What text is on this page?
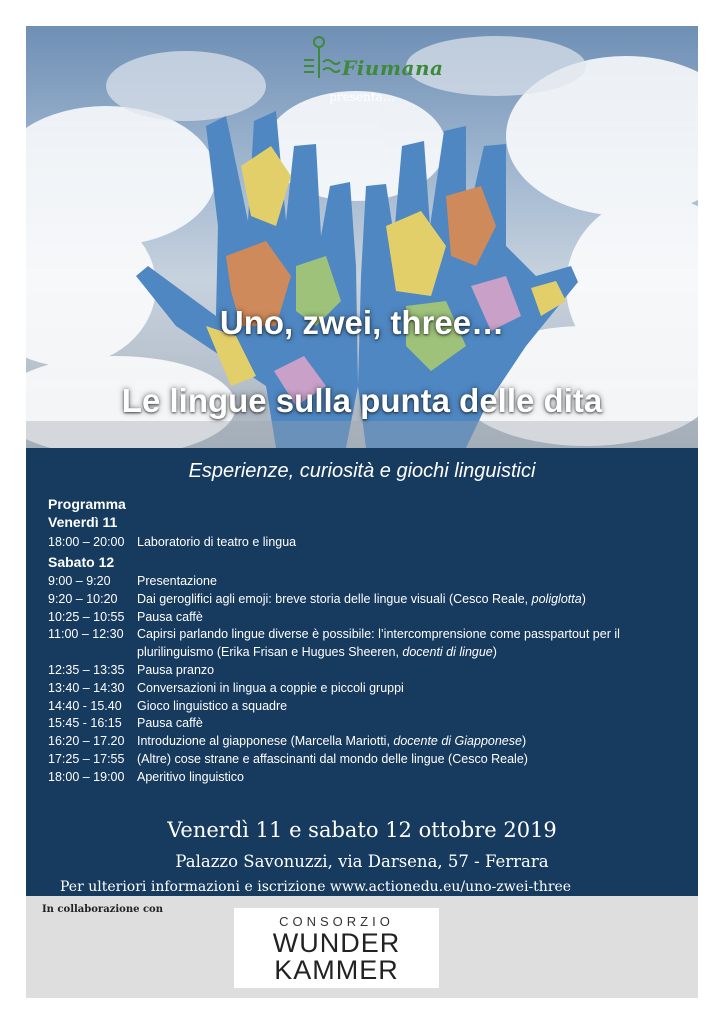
Fiumana
presenta…
Uno, zwei, three…
Le lingue sulla punta delle dita
Esperienze, curiosità e giochi linguistici
Programma
Venerdì 11
18:00 – 20:00 Laboratorio di teatro e lingua
Sabato 12
9:00 – 9:20 Presentazione
9:20 – 10:20 Dai geroglifici agli emoji: breve storia delle lingue visuali (Cesco Reale, poliglotta)
10:25 – 10:55 Pausa caffè
11:00 – 12:30 Capirsi parlando lingue diverse è possibile: l’intercomprensione come passpartout per il plurilinguismo (Erika Frisan e Hugues Sheeren, docenti di lingue)
12:35 – 13:35 Pausa pranzo
13:40 – 14:30 Conversazioni in lingua a coppie e piccoli gruppi
14:40 - 15.40 Gioco linguistico a squadre
15:45 - 16:15 Pausa caffè
16:20 – 17.20 Introduzione al giapponese (Marcella Mariotti, docente di Giapponese)
17:25 – 17:55 (Altre) cose strane e affascinanti dal mondo delle lingue (Cesco Reale)
18:00 – 19:00 Aperitivo linguistico
Venerdì 11 e sabato 12 ottobre 2019
Palazzo Savonuzzi, via Darsena, 57 - Ferrara
Per ulteriori informazioni e iscrizione www.actionedu.eu/uno-zwei-three
In collaborazione con
CONSORZIO
WUNDER
KAMMER
